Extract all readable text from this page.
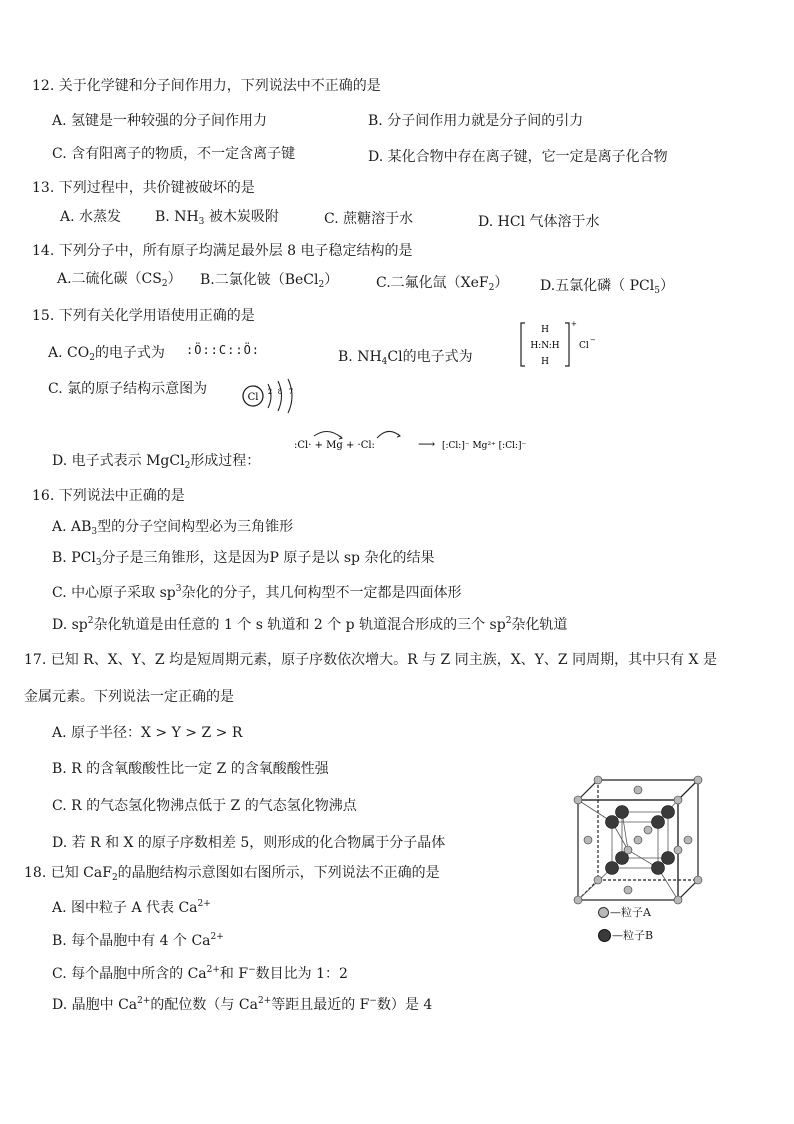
12. 关于化学键和分子间作用力，下列说法中不正确的是
A. 氢键是一种较强的分子间作用力	B. 分子间作用力就是分子间的引力
C. 含有阳离子的物质，不一定含离子键	D. 某化合物中存在离子键，它一定是离子化合物
13. 下列过程中，共价键被破坏的是
A. 水蒸发 B. $NH_3$ 被木炭吸附	C. 蔗糖溶于水	D. HCl 气体溶于水
14. 下列分子中，所有原子均满足最外层 8 电子稳定结构的是
A.二硫化碳$(CS_2)$ B.二氯化铍（BeCl$_2$）	C.二氟化氙（XeF$_2$） D.五氯化磷（ PCl$_5$）
15. 下列有关化学用语使用正确的是
A. $CO_2$的电子式为 :Ö::C::Ö:	B. $NH_4Cl$的电子式为
H
H:N:H
H
+
Cl
−
C. 氯的原子结构示意图为
Cl 2 8 7
:Cl· + Mg + ·Cl:	⟶ [:Cl:]⁻ Mg²⁺ [:Cl:]⁻
D. 电子式表示 MgCl$_2$形成过程：
16. 下列说法中正确的是
A. $AB_3$型的分子空间构型必为三角锥形
B. PCl$_3$分子是三角锥形，这是因为P 原子是以 sp 杂化的结果
C. 中心原子采取 $sp^3$杂化的分子，其几何构型不一定都是四面体形
D. $sp^2$杂化轨道是由任意的 1 个 s 轨道和 2 个 p 轨道混合形成的三个 $sp^2$杂化轨道
17. 已知 R、X、Y、Z 均是短周期元素，原子序数依次增大。R 与 Z 同主族，X、Y、Z 同周期，其中只有 X 是
金属元素。下列说法一定正确的是
A. 原子半径：X > Y > Z > R
B. R 的含氧酸酸性比一定 Z 的含氧酸酸性强
C. R 的气态氢化物沸点低于 Z 的气态氢化物沸点
D. 若 R 和 X 的原子序数相差 5，则形成的化合物属于分子晶体
18. 已知 CaF$_2$的晶胞结构示意图如右图所示，下列说法不正确的是
A. 图中粒子 A 代表 $Ca^{2+}$
B. 每个晶胞中有 4 个 $Ca^{2+}$
C. 每个晶胞中所含的 $Ca^{2+}$和 F−数目比为 1：2
D. 晶胞中 $Ca^{2+}$的配位数（与 $Ca^{2+}$等距且最近的 F−数）是 4
—粒子A
—粒子B
